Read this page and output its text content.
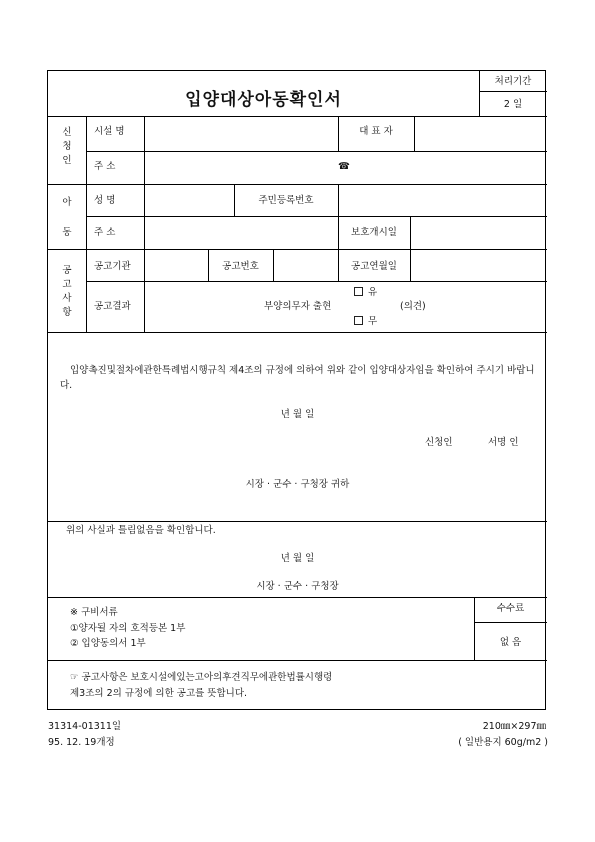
입양대상아동확인서
처리기간
2 일
신
청
인
시설 명	대 표 자
주 소	☎
아
동
성 명	주민등록번호
주 소	보호개시일
공
고
사
항
공고기관	공고번호	공고연월일
공고결과	부양의무자 출현
유
무
(의견)
입양촉진및절차에관한특례법시행규칙 제4조의 규정에 의하여 위와 같이 입양대상자임을 확인하여 주시기 바랍니다.
년 월 일
신청인	서명 인
시장 · 군수 · 구청장 귀하
위의 사실과 틀림없음을 확인합니다.
년 월 일
시장 · 군수 · 구청장
※ 구비서류
①양자될 자의 호적등본 1부
② 입양동의서 1부
수수료
없 음
☞ 공고사항은 보호시설에있는고아의후견직무에관한법률시행령
제3조의 2의 규정에 의한 공고를 뜻합니다.
31314-01311일
95. 12. 19개정
210㎜×297㎜
( 일반용지 60g/m2 )
